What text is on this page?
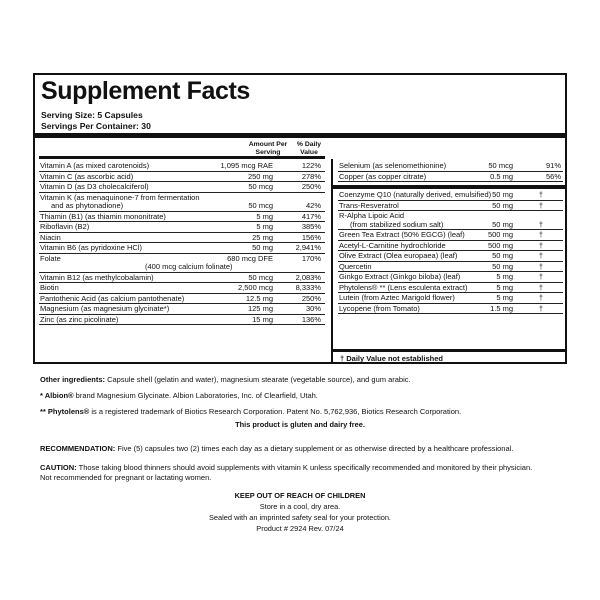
Supplement Facts
Serving Size: 5 Capsules
Servings Per Container: 30
Amount Per
Serving
% Daily
Value
Vitamin A (as mixed carotenoids)	1,095 mcg RAE	122%
Vitamin C (as ascorbic acid)	250 mg	278%
Vitamin D (as D3 cholecalciferol)	50 mcg	250%
Vitamin K (as menaquinone-7 from fermentation
and as phytonadione)	50 mcg	42%
Thiamin (B1) (as thiamin mononitrate)	5 mg	417%
Riboflavin (B2)	5 mg	385%
Niacin	25 mg	156%
Vitamin B6 (as pyridoxine HCl)	50 mg	2,941%
Folate
(400 mcg calcium folinate)
680 mcg DFE	170%
Vitamin B12 (as methylcobalamin)	50 mcg	2,083%
Biotin	2,500 mcg	8,333%
Pantothenic Acid (as calcium pantothenate)	12.5 mg	250%
Magnesium (as magnesium glycinate*)	125 mg	30%
Zinc (as zinc picolinate)	15 mg	136%
Selenium (as selenomethionine)	50 mcg	91%
Copper (as copper citrate)	0.5 mg	56%
Coenzyme Q10 (naturally derived, emulsified) 50 mg	†
Trans-Resveratrol	50 mg	†
R-Alpha Lipoic Acid
(from stabilized sodium salt)	50 mg	†
Green Tea Extract (50% EGCG) (leaf)	500 mg	†
Acetyl-L-Carnitine hydrochloride	500 mg	†
Olive Extract (Olea europaea) (leaf)	50 mg	†
Quercetin	50 mg	†
Ginkgo Extract (Ginkgo biloba) (leaf)	5 mg	†
Phytolens® ** (Lens esculenta extract)	5 mg	†
Lutein (from Aztec Marigold flower)	5 mg	†
Lycopene (from Tomato)	1.5 mg	†
† Daily Value not established
Other ingredients: Capsule shell (gelatin and water), magnesium stearate (vegetable source), and gum arabic.
* Albion® brand Magnesium Glycinate. Albion Laboratories, Inc. of Clearfield, Utah.
** Phytolens® is a registered trademark of Biotics Research Corporation. Patent No. 5,762,936, Biotics Research Corporation.
This product is gluten and dairy free.
RECOMMENDATION: Five (5) capsules two (2) times each day as a dietary supplement or as otherwise directed by a healthcare professional.
CAUTION: Those taking blood thinners should avoid supplements with vitamin K unless specifically recommended and monitored by their physician.
Not recommended for pregnant or lactating women.
KEEP OUT OF REACH OF CHILDREN
Store in a cool, dry area.
Sealed with an imprinted safety seal for your protection.
Product # 2924 Rev. 07/24
